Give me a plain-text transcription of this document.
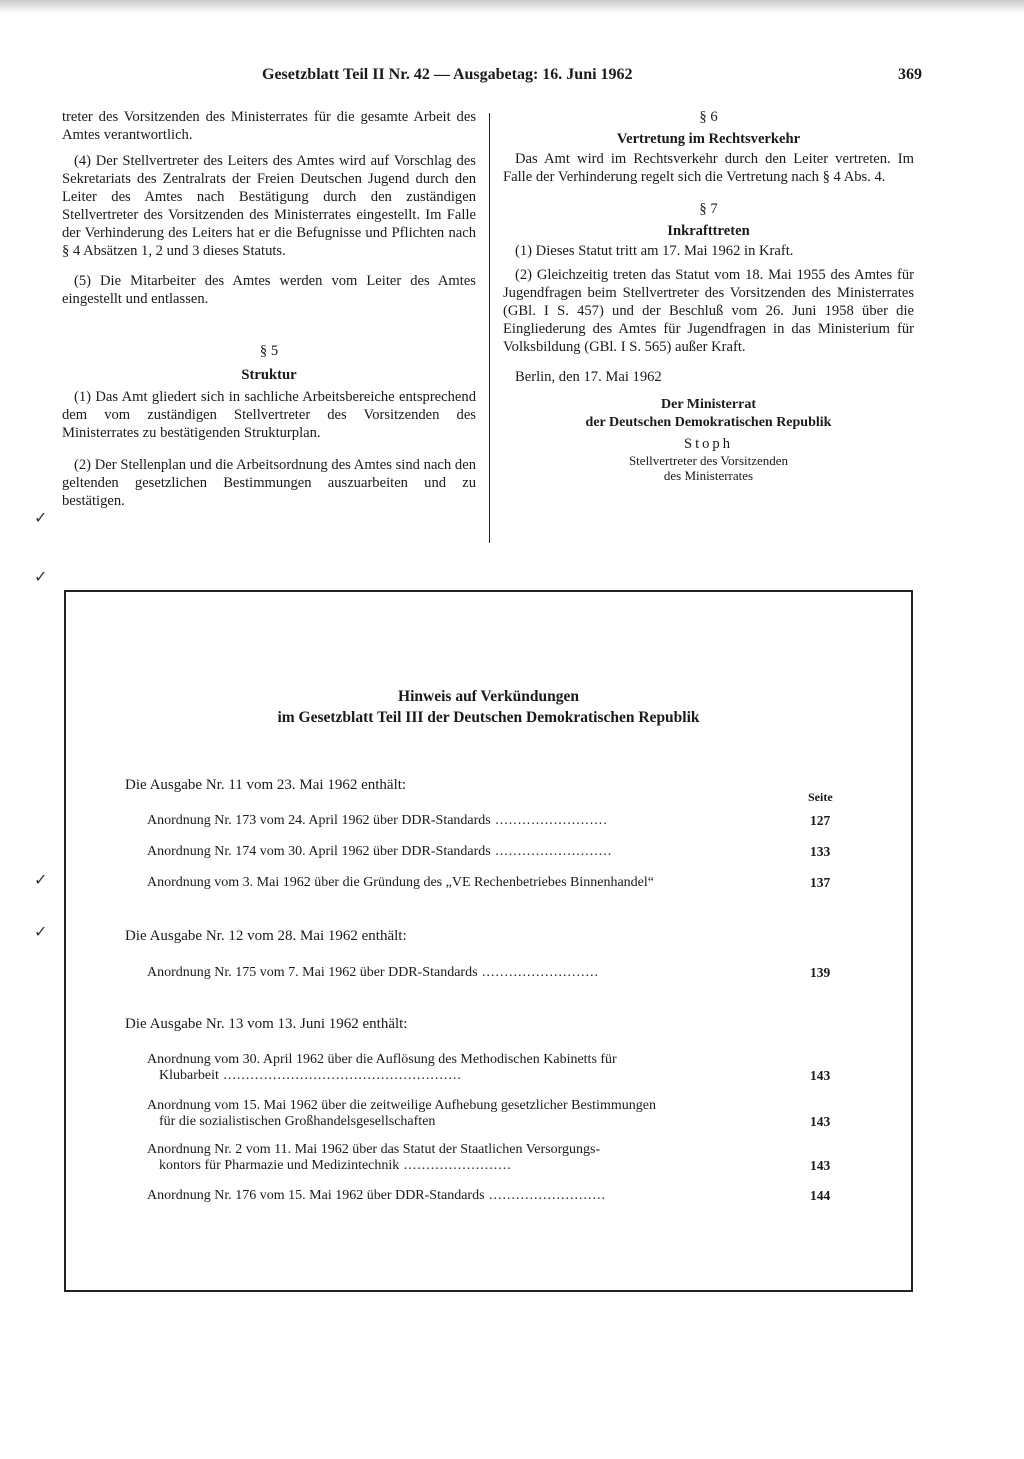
Gesetzblatt Teil II Nr. 42 — Ausgabetag: 16. Juni 1962	369

treter des Vorsitzenden des Ministerrates für die gesamte Arbeit des Amtes verantwortlich.

(4) Der Stellvertreter des Leiters des Amtes wird auf Vorschlag des Sekretariats des Zentralrats der Freien Deutschen Jugend durch den Leiter des Amtes nach Bestätigung durch den zuständigen Stellvertreter des Vorsitzenden des Ministerrates eingestellt. Im Falle der Verhinderung des Leiters hat er die Befugnisse und Pflichten nach § 4 Absätzen 1, 2 und 3 dieses Statuts.

(5) Die Mitarbeiter des Amtes werden vom Leiter des Amtes eingestellt und entlassen.

§ 5

Struktur

(1) Das Amt gliedert sich in sachliche Arbeitsbereiche entsprechend dem vom zuständigen Stellvertreter des Vorsitzenden des Ministerrates zu bestätigenden Strukturplan.

(2) Der Stellenplan und die Arbeitsordnung des Amtes sind nach den geltenden gesetzlichen Bestimmungen auszuarbeiten und zu bestätigen.

§ 6

Vertretung im Rechtsverkehr

Das Amt wird im Rechtsverkehr durch den Leiter vertreten. Im Falle der Verhinderung regelt sich die Vertretung nach § 4 Abs. 4.

§ 7

Inkrafttreten

(1) Dieses Statut tritt am 17. Mai 1962 in Kraft.

(2) Gleichzeitig treten das Statut vom 18. Mai 1955 des Amtes für Jugendfragen beim Stellvertreter des Vorsitzenden des Ministerrates (GBl. I S. 457) und der Beschluß vom 26. Juni 1958 über die Eingliederung des Amtes für Jugendfragen in das Ministerium für Volksbildung (GBl. I S. 565) außer Kraft.

Berlin, den 17. Mai 1962

Der Ministerrat

der Deutschen Demokratischen Republik

Stoph

Stellvertreter des Vorsitzenden

des Ministerrates

✓
✓
✓
✓
Hinweis auf Verkündungen
im Gesetzblatt Teil III der Deutschen Demokratischen Republik
Seite
Die Ausgabe Nr. 11 vom 23. Mai 1962 enthält:
Anordnung Nr. 173 vom 24. April 1962 über DDR-Standards .........................	127
Anordnung Nr. 174 vom 30. April 1962 über DDR-Standards ..........................	133
Anordnung vom 3. Mai 1962 über die Gründung des „VE Rechenbetriebes Binnenhandel“	137
Die Ausgabe Nr. 12 vom 28. Mai 1962 enthält:
Anordnung Nr. 175 vom 7. Mai 1962 über DDR-Standards ..........................	139
Die Ausgabe Nr. 13 vom 13. Juni 1962 enthält:
Anordnung vom 30. April 1962 über die Auflösung des Methodischen Kabinetts für
Klubarbeit .....................................................	143
Anordnung vom 15. Mai 1962 über die zeitweilige Aufhebung gesetzlicher Bestimmungen
für die sozialistischen Großhandelsgesellschaften	143
Anordnung Nr. 2 vom 11. Mai 1962 über das Statut der Staatlichen Versorgungs-
kontors für Pharmazie und Medizintechnik ........................	143
Anordnung Nr. 176 vom 15. Mai 1962 über DDR-Standards ..........................	144
